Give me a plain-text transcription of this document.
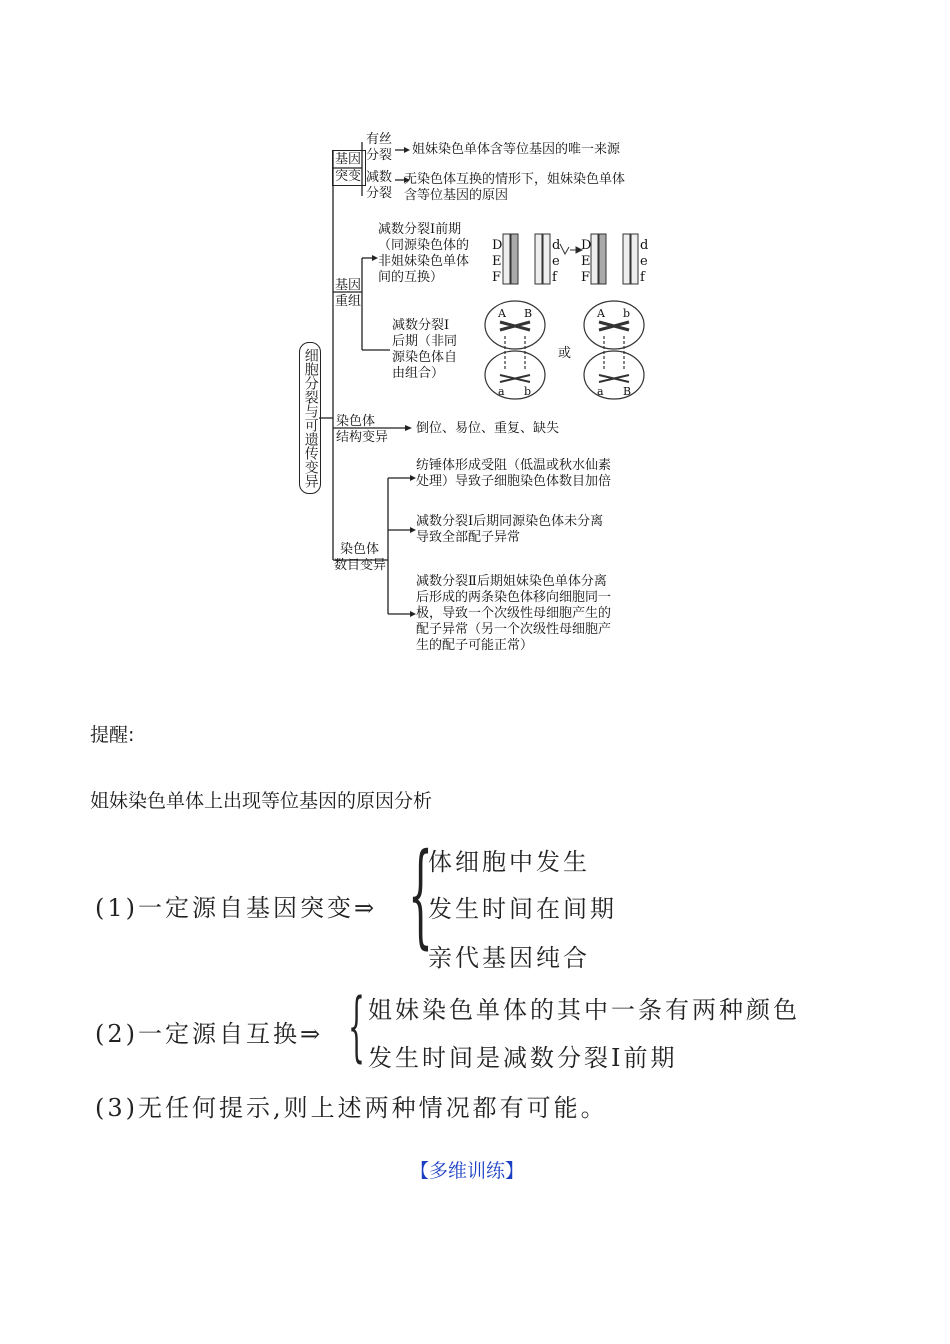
细胞分裂与可遗传变异
基因突变
有丝
分裂 姐妹染色单体含等位基因的唯一来源
减数
分裂
无染色体互换的情形下，姐妹染色单体
含等位基因的原因
基因
重组
减数分裂Ⅰ前期
（同源染色体的
非姐妹染色单体
间的互换）
D
E
F
d
e
f
D
E
F
d
e
f
减数分裂Ⅰ
后期（非同
源染色体自
由组合）
A B
a b
A b
a B
或
染色体
结构变异
倒位、易位、重复、缺失
染色体
数目变异
纺锤体形成受阻（低温或秋水仙素
处理）导致子细胞染色体数目加倍
减数分裂Ⅰ后期同源染色体未分离
导致全部配子异常
减数分裂Ⅱ后期姐妹染色单体分离
后形成的两条染色体移向细胞同一
极，导致一个次级性母细胞产生的
配子异常（另一个次级性母细胞产
生的配子可能正常）
提醒:
姐妹染色单体上出现等位基因的原因分析
(1)一定源自基因突变⇒ {
体细胞中发生
发生时间在间期
亲代基因纯合
(2)一定源自互换⇒ { 姐妹染色单体的其中一条有两种颜色
发生时间是减数分裂Ⅰ前期
(3)无任何提示,则上述两种情况都有可能。
【多维训练】
